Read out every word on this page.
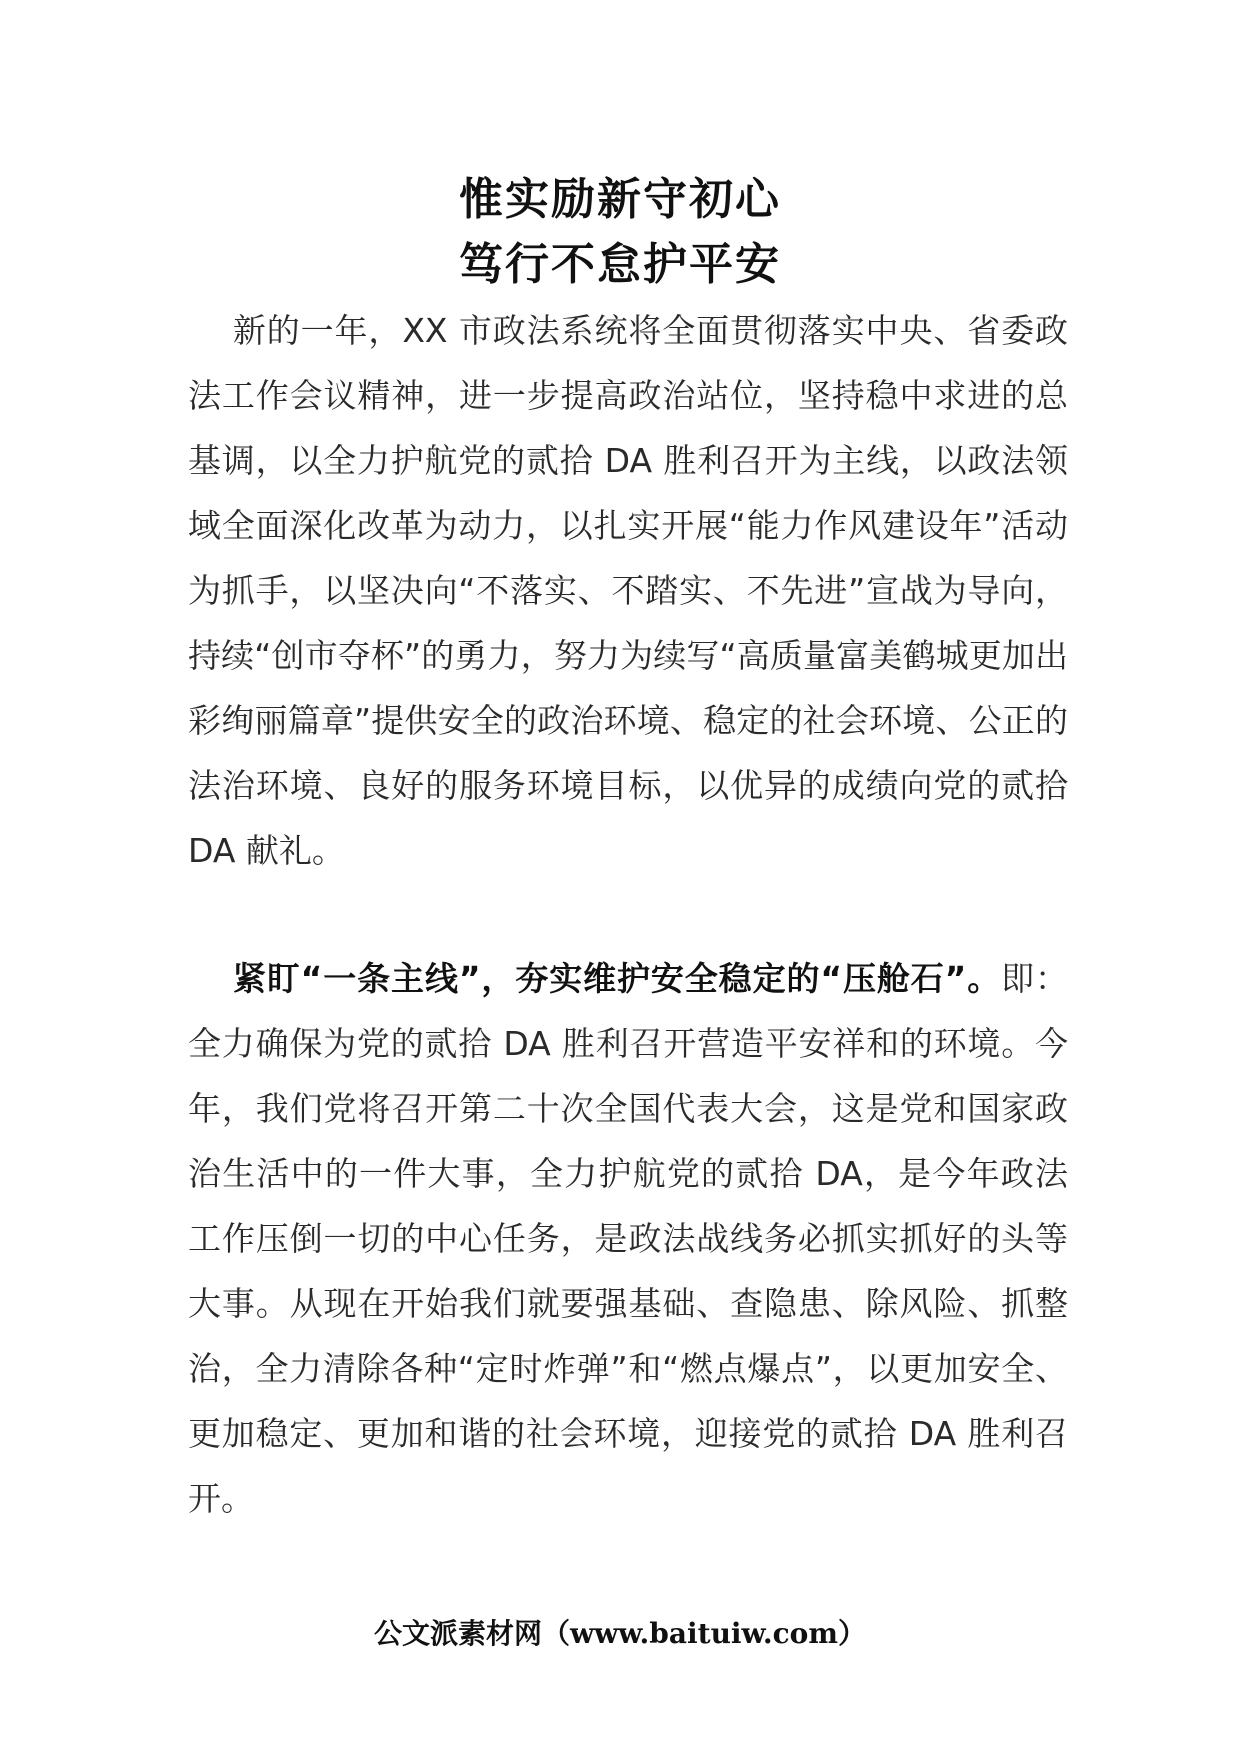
惟实励新守初心
笃行不怠护平安

新的一年，XX 市政法系统将全面贯彻落实中央、省委政法工作会议精神，进一步提高政治站位，坚持稳中求进的总基调，以全力护航党的贰拾 DA 胜利召开为主线，以政法领域全面深化改革为动力，以扎实开展“能力作风建设年”活动为抓手，以坚决向“不落实、不踏实、不先进”宣战为导向，持续“创市夺杯”的勇力，努力为续写“高质量富美鹤城更加出彩绚丽篇章”提供安全的政治环境、稳定的社会环境、公正的法治环境、良好的服务环境目标，以优异的成绩向党的贰拾 DA 献礼。

紧盯“一条主线”，夯实维护安全稳定的“压舱石”。即：全力确保为党的贰拾 DA 胜利召开营造平安祥和的环境。今年，我们党将召开第二十次全国代表大会，这是党和国家政治生活中的一件大事，全力护航党的贰拾 DA，是今年政法工作压倒一切的中心任务，是政法战线务必抓实抓好的头等大事。从现在开始我们就要强基础、查隐患、除风险、抓整治，全力清除各种“定时炸弹”和“燃点爆点”，以更加安全、更加稳定、更加和谐的社会环境，迎接党的贰拾 DA 胜利召开。

公文派素材网（www.baituiw.com）
